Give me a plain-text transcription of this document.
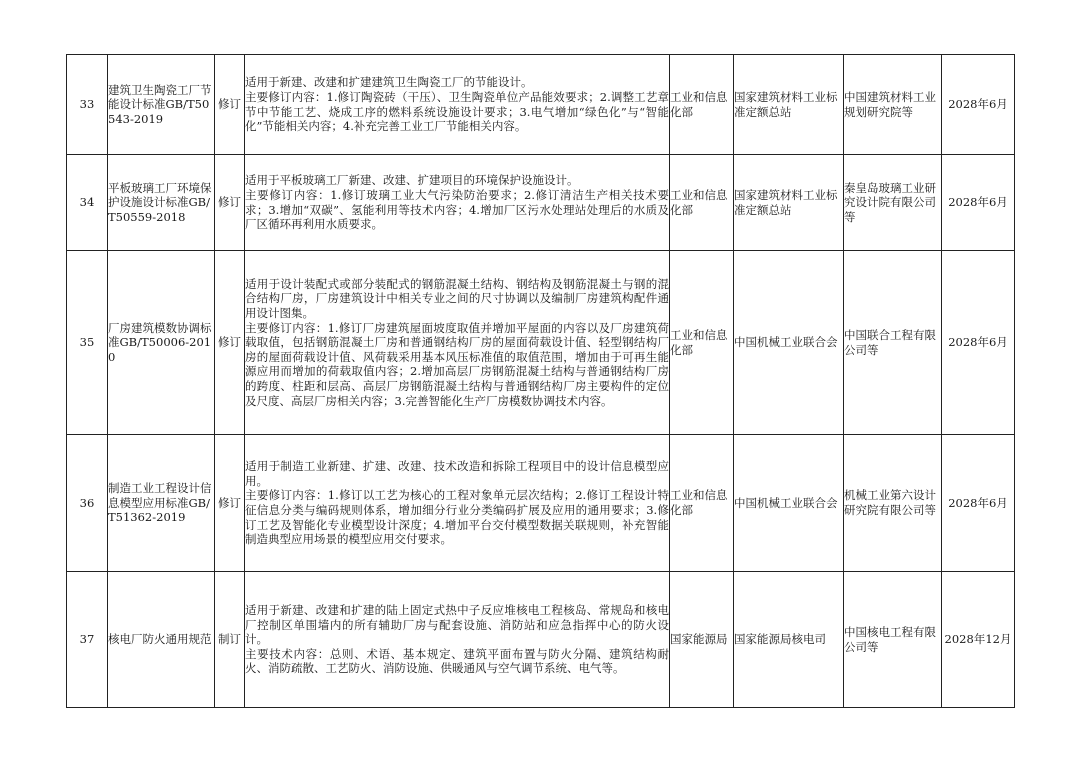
33	建筑卫生陶瓷工厂节能设计标准GB/T50543-2019	修订	适用于新建、改建和扩建建筑卫生陶瓷工厂的节能设计。
主要修订内容：1.修订陶瓷砖（干压）、卫生陶瓷单位产品能效要求；2.调整工艺章节中节能工艺、烧成工序的燃料系统设施设计要求；3.电气增加“绿色化”与“智能化”节能相关内容；4.补充完善工业工厂节能相关内容。	工业和信息化部	国家建筑材料工业标准定额总站	中国建筑材料工业规划研究院等	2028年6月
34	平板玻璃工厂环境保护设施设计标准GB/T50559-2018	修订	适用于平板玻璃工厂新建、改建、扩建项目的环境保护设施设计。
主要修订内容：1.修订玻璃工业大气污染防治要求；2.修订清洁生产相关技术要求；3.增加“双碳”、氢能利用等技术内容；4.增加厂区污水处理站处理后的水质及厂区循环再利用水质要求。	工业和信息化部	国家建筑材料工业标准定额总站	秦皇岛玻璃工业研究设计院有限公司等	2028年6月
35	厂房建筑模数协调标准GB/T50006-2010	修订	适用于设计装配式或部分装配式的钢筋混凝土结构、钢结构及钢筋混凝土与钢的混合结构厂房，厂房建筑设计中相关专业之间的尺寸协调以及编制厂房建筑构配件通用设计图集。
主要修订内容：1.修订厂房建筑屋面坡度取值并增加平屋面的内容以及厂房建筑荷载取值，包括钢筋混凝土厂房和普通钢结构厂房的屋面荷载设计值、轻型钢结构厂房的屋面荷载设计值、风荷载采用基本风压标准值的取值范围，增加由于可再生能源应用而增加的荷载取值内容；2.增加高层厂房钢筋混凝土结构与普通钢结构厂房的跨度、柱距和层高、高层厂房钢筋混凝土结构与普通钢结构厂房主要构件的定位及尺度、高层厂房相关内容；3.完善智能化生产厂房模数协调技术内容。	工业和信息化部	中国机械工业联合会	中国联合工程有限公司等	2028年6月
36	制造工业工程设计信息模型应用标准GB/T51362-2019	修订	适用于制造工业新建、扩建、改建、技术改造和拆除工程项目中的设计信息模型应用。
主要修订内容：1.修订以工艺为核心的工程对象单元层次结构；2.修订工程设计特征信息分类与编码规则体系，增加细分行业分类编码扩展及应用的通用要求；3.修订工艺及智能化专业模型设计深度；4.增加平台交付模型数据关联规则，补充智能制造典型应用场景的模型应用交付要求。	工业和信息化部	中国机械工业联合会	机械工业第六设计研究院有限公司等	2028年6月
37	核电厂防火通用规范	制订	适用于新建、改建和扩建的陆上固定式热中子反应堆核电工程核岛、常规岛和核电厂控制区单围墙内的所有辅助厂房与配套设施、消防站和应急指挥中心的防火设计。
主要技术内容：总则、术语、基本规定、建筑平面布置与防火分隔、建筑结构耐火、消防疏散、工艺防火、消防设施、供暖通风与空气调节系统、电气等。	国家能源局	国家能源局核电司	中国核电工程有限公司等	2028年12月
